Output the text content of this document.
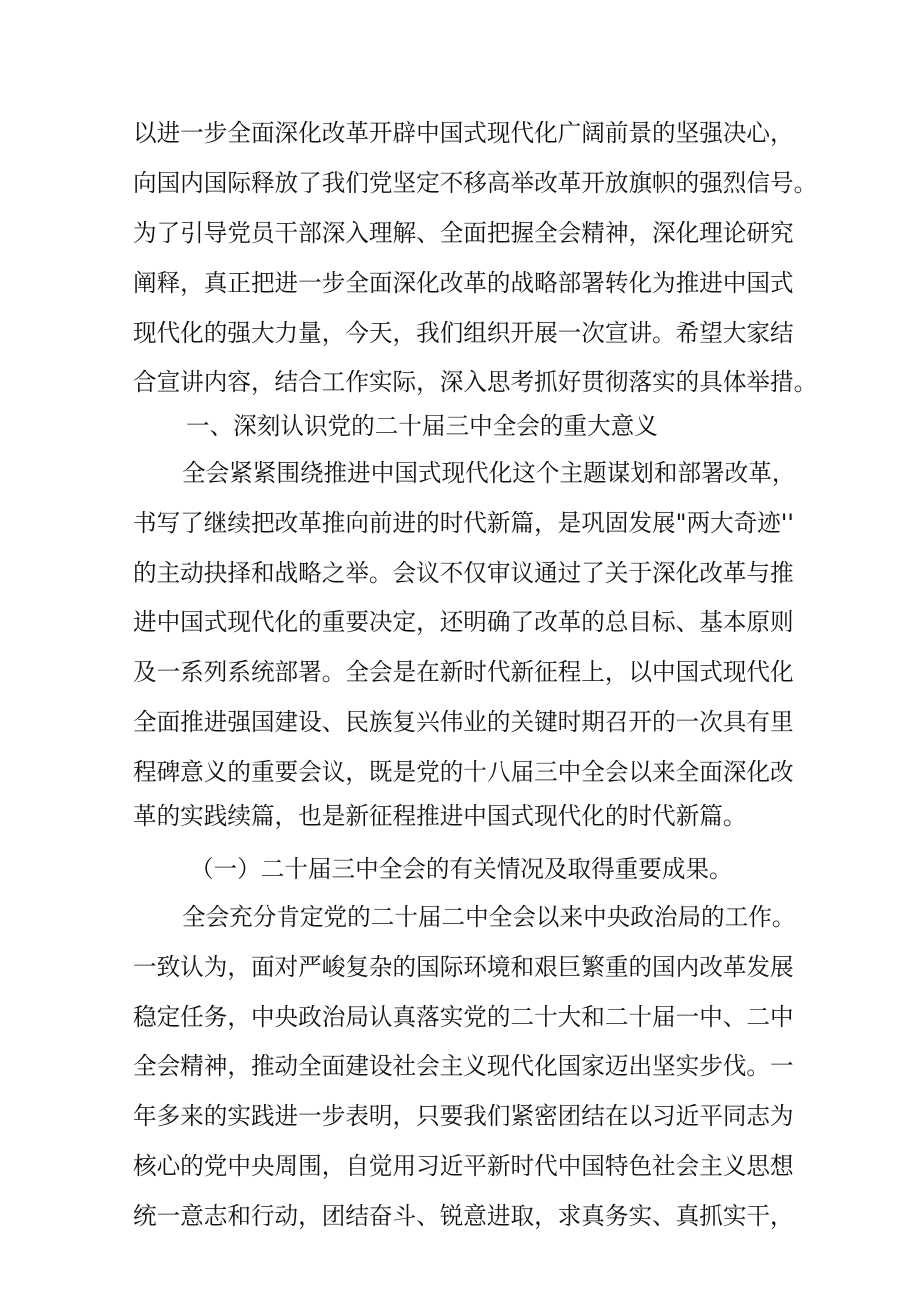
以进一步全面深化改革开辟中国式现代化广阔前景的坚强决心，
向国内国际释放了我们党坚定不移高举改革开放旗帜的强烈信号。
为了引导党员干部深入理解、全面把握全会精神，深化理论研究
阐释，真正把进一步全面深化改革的战略部署转化为推进中国式
现代化的强大力量，今天，我们组织开展一次宣讲。希望大家结
合宣讲内容，结合工作实际，深入思考抓好贯彻落实的具体举措。
一、深刻认识党的二十届三中全会的重大意义
全会紧紧围绕推进中国式现代化这个主题谋划和部署改革，
书写了继续把改革推向前进的时代新篇，是巩固发展"两大奇迹''
的主动抉择和战略之举。会议不仅审议通过了关于深化改革与推
进中国式现代化的重要决定，还明确了改革的总目标、基本原则
及一系列系统部署。全会是在新时代新征程上，以中国式现代化
全面推进强国建设、民族复兴伟业的关键时期召开的一次具有里
程碑意义的重要会议，既是党的十八届三中全会以来全面深化改
革的实践续篇，也是新征程推进中国式现代化的时代新篇。
（一）二十届三中全会的有关情况及取得重要成果。
全会充分肯定党的二十届二中全会以来中央政治局的工作。
一致认为，面对严峻复杂的国际环境和艰巨繁重的国内改革发展
稳定任务，中央政治局认真落实党的二十大和二十届一中、二中
全会精神，推动全面建设社会主义现代化国家迈出坚实步伐。一
年多来的实践进一步表明，只要我们紧密团结在以习近平同志为
核心的党中央周围，自觉用习近平新时代中国特色社会主义思想
统一意志和行动，团结奋斗、锐意进取，求真务实、真抓实干，
